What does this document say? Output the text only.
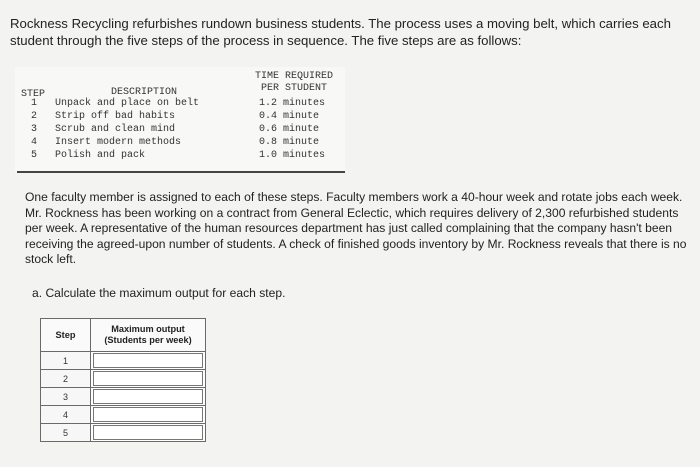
Rockness Recycling refurbishes rundown business students. The process uses a moving belt, which carries each student through the five steps of the process in sequence. The five steps are as follows:

STEP	DESCRIPTION
TIME REQUIRED
PER STUDENT
1	Unpack and place on belt	1.2 minutes
2	Strip off bad habits	0.4 minute
3	Scrub and clean mind	0.6 minute
4	Insert modern methods	0.8 minute
5	Polish and pack	1.0 minutes

One faculty member is assigned to each of these steps. Faculty members work a 40-hour week and rotate jobs each week. Mr. Rockness has been working on a contract from General Eclectic, which requires delivery of 2,300 refurbished students per week. A representative of the human resources department has just called complaining that the company hasn't been receiving the agreed-upon number of students. A check of finished goods inventory by Mr. Rockness reveals that there is no stock left.

a. Calculate the maximum output for each step.

Step	Maximum output (Students per week)
1	

2	

3	

4	

5	
